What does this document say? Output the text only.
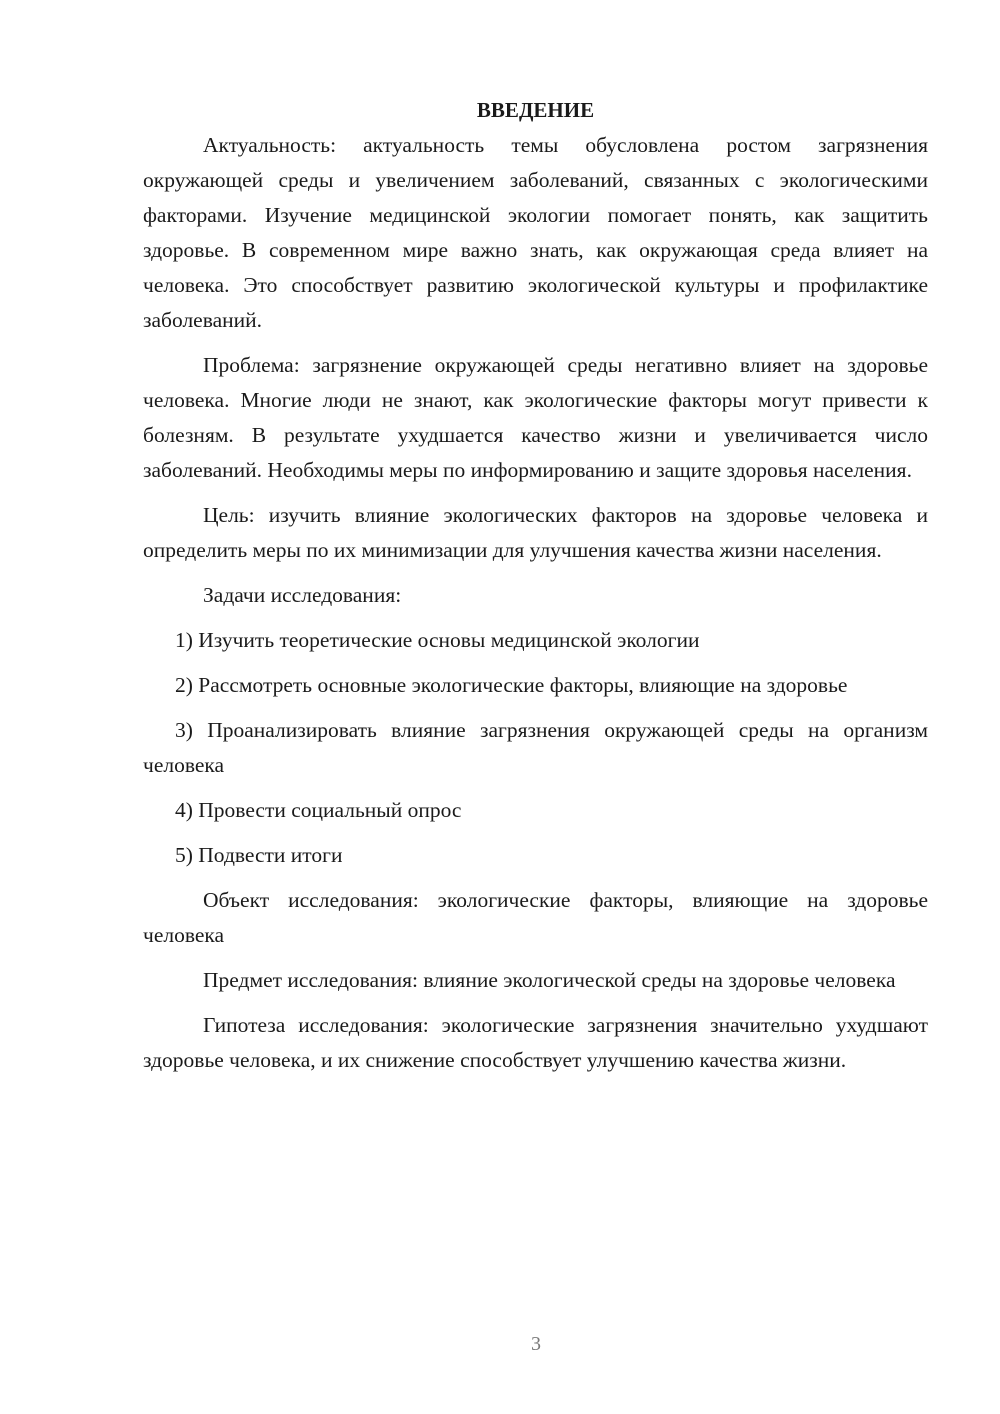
ВВЕДЕНИЕ

Актуальность: актуальность темы обусловлена ростом загрязнения окружающей среды и увеличением заболеваний, связанных с экологическими факторами. Изучение медицинской экологии помогает понять, как защитить здоровье. В современном мире важно знать, как окружающая среда влияет на человека. Это способствует развитию экологической культуры и профилактике заболеваний.

Проблема: загрязнение окружающей среды негативно влияет на здоровье человека. Многие люди не знают, как экологические факторы могут привести к болезням. В результате ухудшается качество жизни и увеличивается число заболеваний. Необходимы меры по информированию и защите здоровья населения.

Цель: изучить влияние экологических факторов на здоровье человека и определить меры по их минимизации для улучшения качества жизни населения.

Задачи исследования:

1) Изучить теоретические основы медицинской экологии

2) Рассмотреть основные экологические факторы, влияющие на здоровье

3) Проанализировать влияние загрязнения окружающей среды на организм человека

4) Провести социальный опрос

5) Подвести итоги

Объект исследования: экологические факторы, влияющие на здоровье человека

Предмет исследования: влияние экологической среды на здоровье человека

Гипотеза исследования: экологические загрязнения значительно ухудшают здоровье человека, и их снижение способствует улучшению качества жизни.

3
